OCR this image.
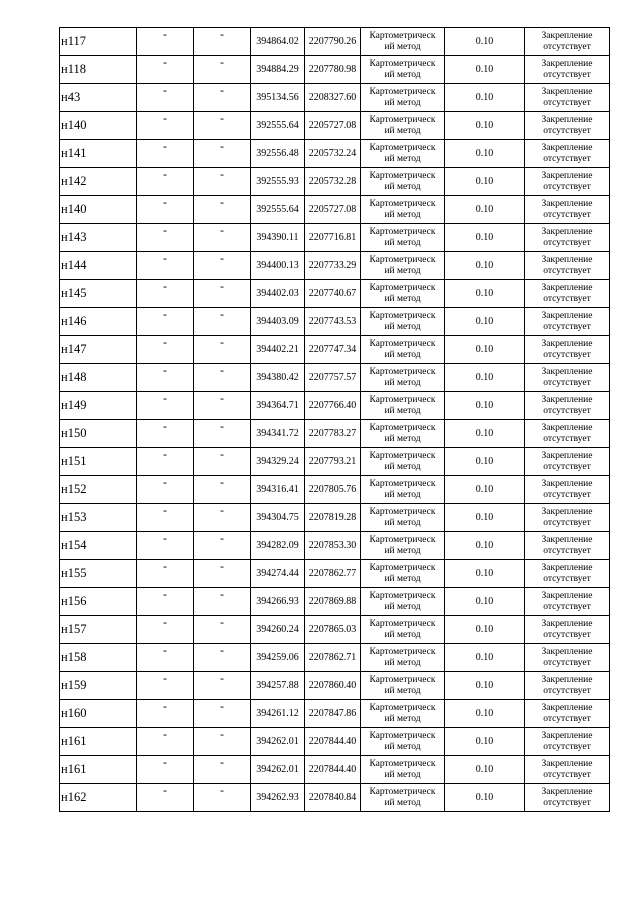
н117	-	-	394864.02	2207790.26	Картометрическ
ий метод	0.10	Закрепление
отсутствует

н118	-	-	394884.29	2207780.98	Картометрическ
ий метод	0.10	Закрепление
отсутствует

н43	-	-	395134.56	2208327.60	Картометрическ
ий метод	0.10	Закрепление
отсутствует

н140	-	-	392555.64	2205727.08	Картометрическ
ий метод	0.10	Закрепление
отсутствует

н141	-	-	392556.48	2205732.24	Картометрическ
ий метод	0.10	Закрепление
отсутствует

н142	-	-	392555.93	2205732.28	Картометрическ
ий метод	0.10	Закрепление
отсутствует

н140	-	-	392555.64	2205727.08	Картометрическ
ий метод	0.10	Закрепление
отсутствует

н143	-	-	394390.11	2207716.81	Картометрическ
ий метод	0.10	Закрепление
отсутствует

н144	-	-	394400.13	2207733.29	Картометрическ
ий метод	0.10	Закрепление
отсутствует

н145	-	-	394402.03	2207740.67	Картометрическ
ий метод	0.10	Закрепление
отсутствует

н146	-	-	394403.09	2207743.53	Картометрическ
ий метод	0.10	Закрепление
отсутствует

н147	-	-	394402.21	2207747.34	Картометрическ
ий метод	0.10	Закрепление
отсутствует

н148	-	-	394380.42	2207757.57	Картометрическ
ий метод	0.10	Закрепление
отсутствует

н149	-	-	394364.71	2207766.40	Картометрическ
ий метод	0.10	Закрепление
отсутствует

н150	-	-	394341.72	2207783.27	Картометрическ
ий метод	0.10	Закрепление
отсутствует

н151	-	-	394329.24	2207793.21	Картометрическ
ий метод	0.10	Закрепление
отсутствует

н152	-	-	394316.41	2207805.76	Картометрическ
ий метод	0.10	Закрепление
отсутствует

н153	-	-	394304.75	2207819.28	Картометрическ
ий метод	0.10	Закрепление
отсутствует

н154	-	-	394282.09	2207853.30	Картометрическ
ий метод	0.10	Закрепление
отсутствует

н155	-	-	394274.44	2207862.77	Картометрическ
ий метод	0.10	Закрепление
отсутствует

н156	-	-	394266.93	2207869.88	Картометрическ
ий метод	0.10	Закрепление
отсутствует

н157	-	-	394260.24	2207865.03	Картометрическ
ий метод	0.10	Закрепление
отсутствует

н158	-	-	394259.06	2207862.71	Картометрическ
ий метод	0.10	Закрепление
отсутствует

н159	-	-	394257.88	2207860.40	Картометрическ
ий метод	0.10	Закрепление
отсутствует

н160	-	-	394261.12	2207847.86	Картометрическ
ий метод	0.10	Закрепление
отсутствует

н161	-	-	394262.01	2207844.40	Картометрическ
ий метод	0.10	Закрепление
отсутствует

н161	-	-	394262.01	2207844.40	Картометрическ
ий метод	0.10	Закрепление
отсутствует

н162	-	-	394262.93	2207840.84	Картометрическ
ий метод	0.10	Закрепление
отсутствует
